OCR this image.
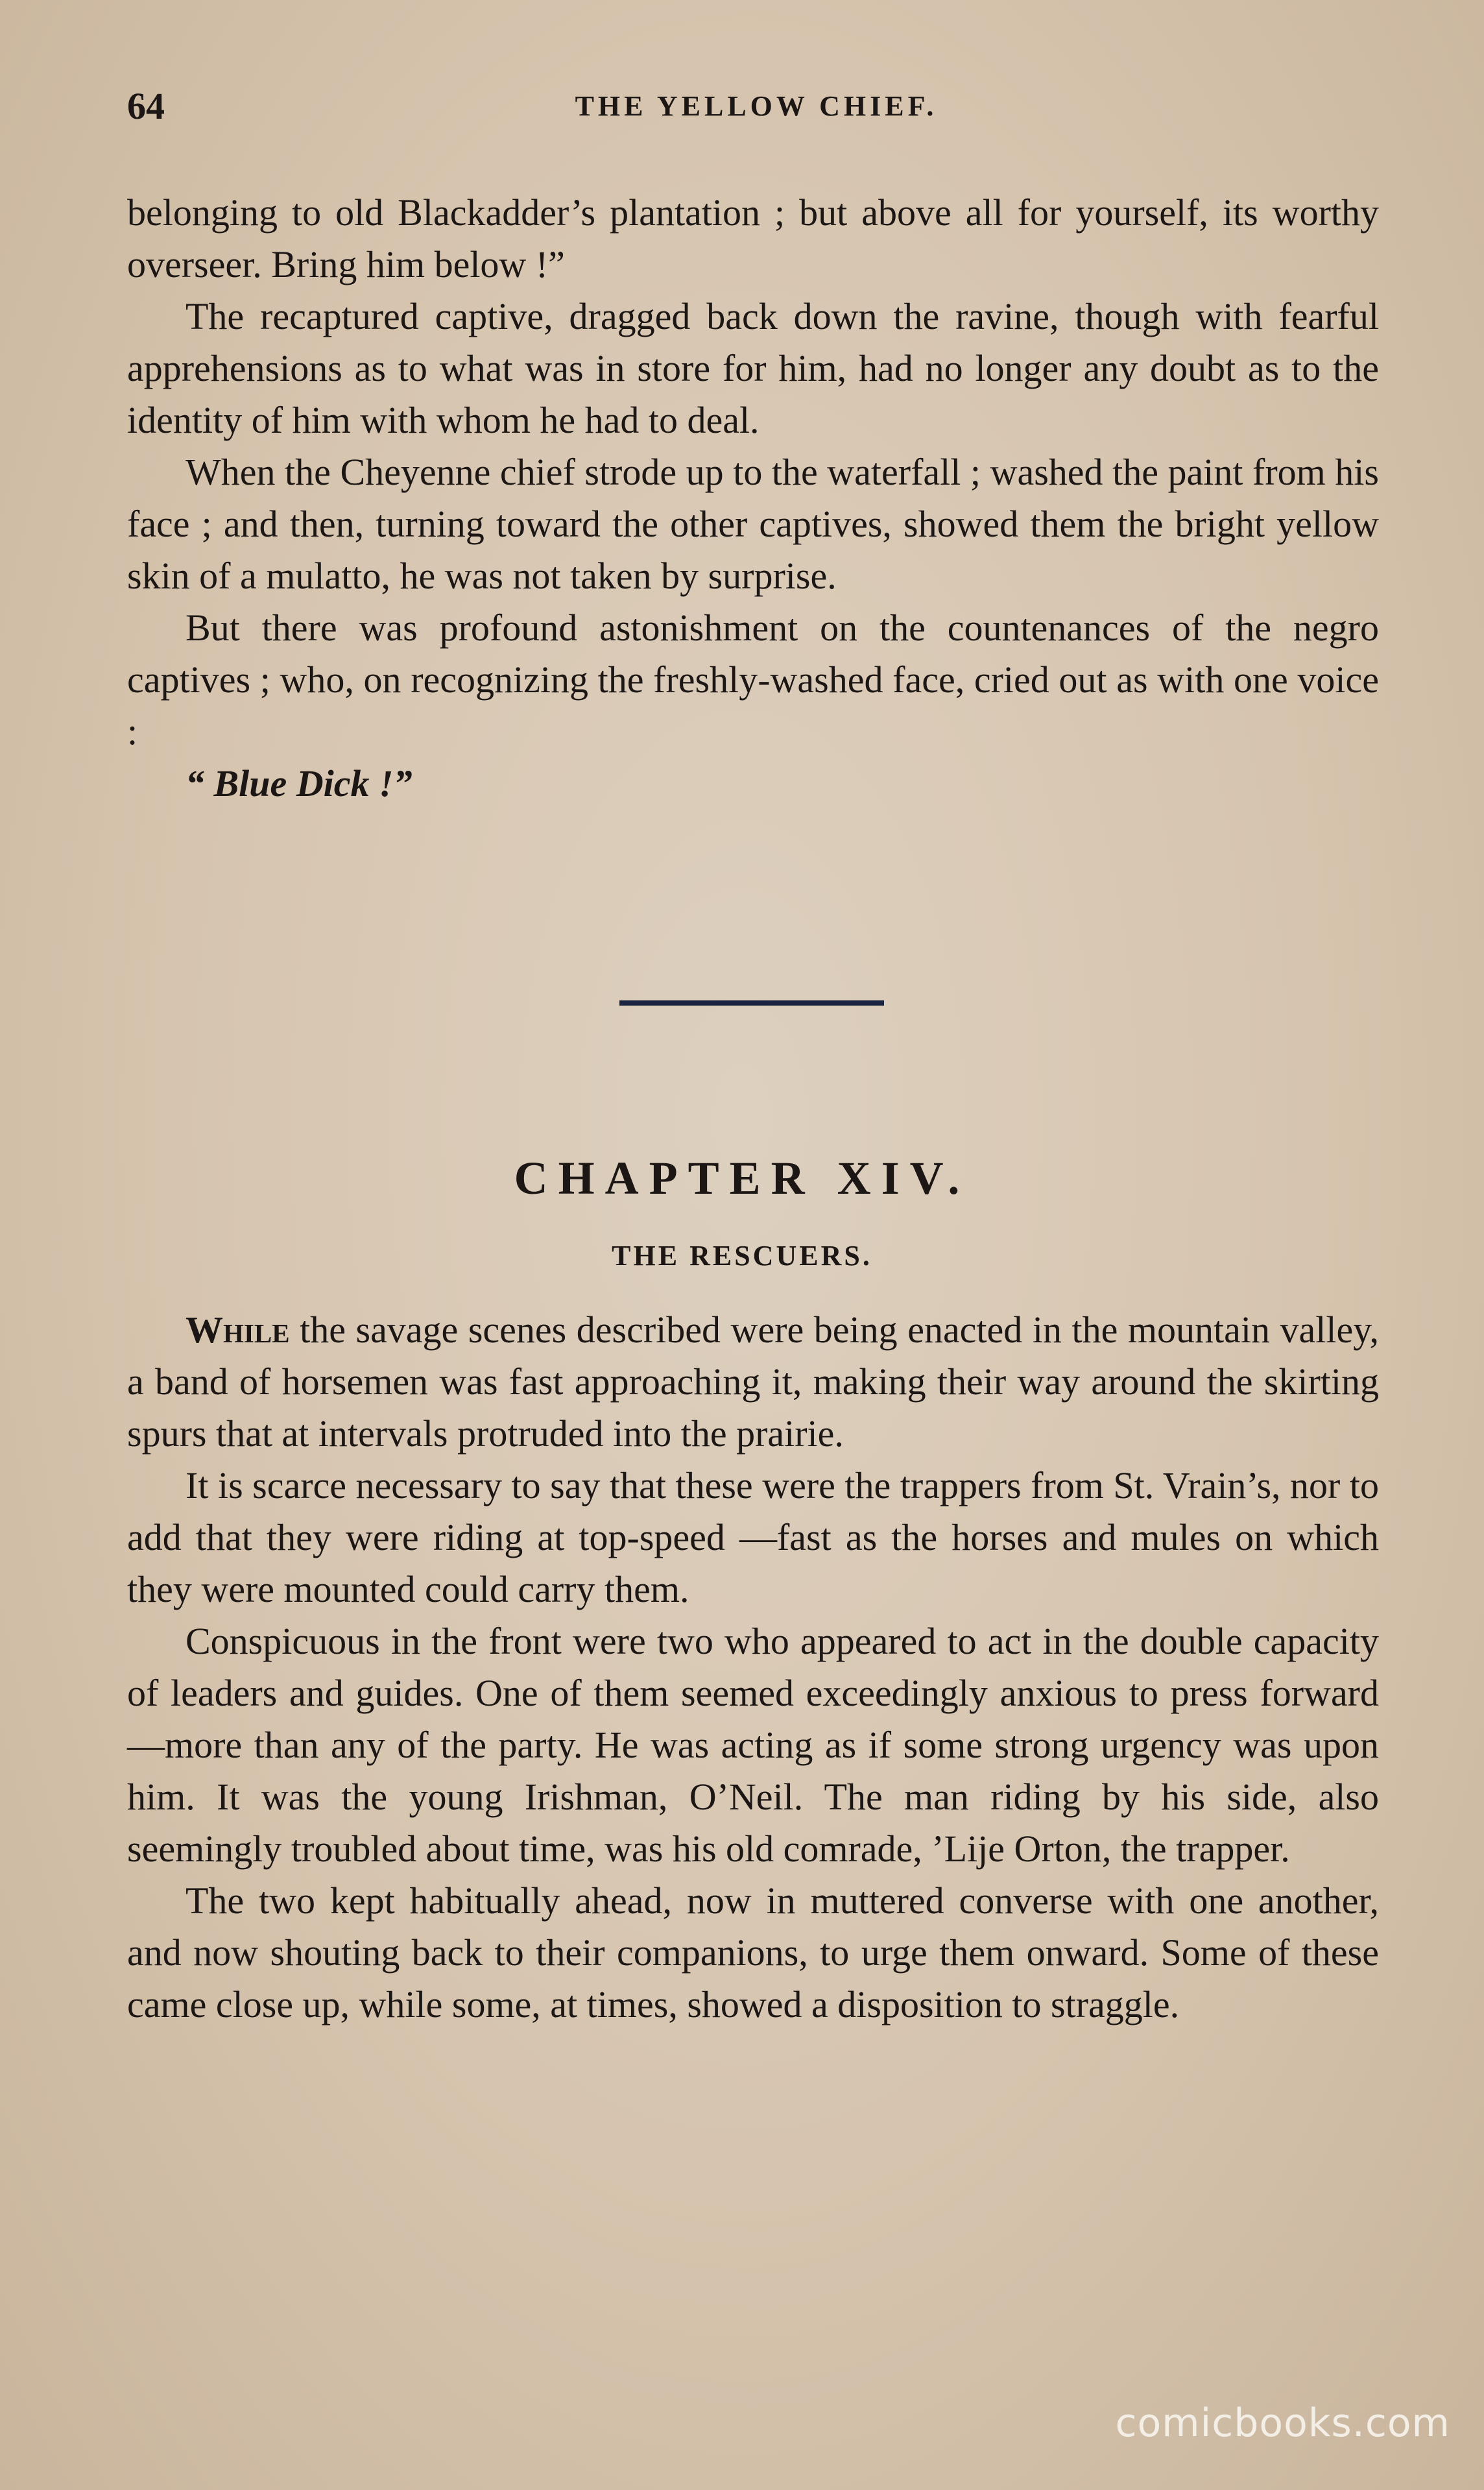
64	THE YELLOW CHIEF.

belonging to old Blackadder’s plantation ; but above all for yourself, its worthy overseer. Bring him below !”

The recaptured captive, dragged back down the ravine, though with fearful apprehensions as to what was in store for him, had no longer any doubt as to the identity of him with whom he had to deal.

When the Cheyenne chief strode up to the waterfall ; washed the paint from his face ; and then, turning toward the other captives, showed them the bright yellow skin of a mulatto, he was not taken by surprise.

But there was profound astonishment on the countenances of the negro captives ; who, on recognizing the freshly-washed face, cried out as with one voice :

“ Blue Dick !”

CHAPTER XIV.
THE RESCUERS.

While the savage scenes described were being enacted in the mountain valley, a band of horsemen was fast approaching it, making their way around the skirting spurs that at intervals protruded into the prairie.

It is scarce necessary to say that these were the trappers from St. Vrain’s, nor to add that they were riding at top-speed —fast as the horses and mules on which they were mounted could carry them.

Conspicuous in the front were two who appeared to act in the double capacity of leaders and guides. One of them seemed exceedingly anxious to press forward—more than any of the party. He was acting as if some strong urgency was upon him. It was the young Irishman, O’Neil. The man riding by his side, also seemingly troubled about time, was his old comrade, ’Lije Orton, the trapper.

The two kept habitually ahead, now in muttered converse with one another, and now shouting back to their companions, to urge them onward. Some of these came close up, while some, at times, showed a disposition to straggle.

comicbooks.com
